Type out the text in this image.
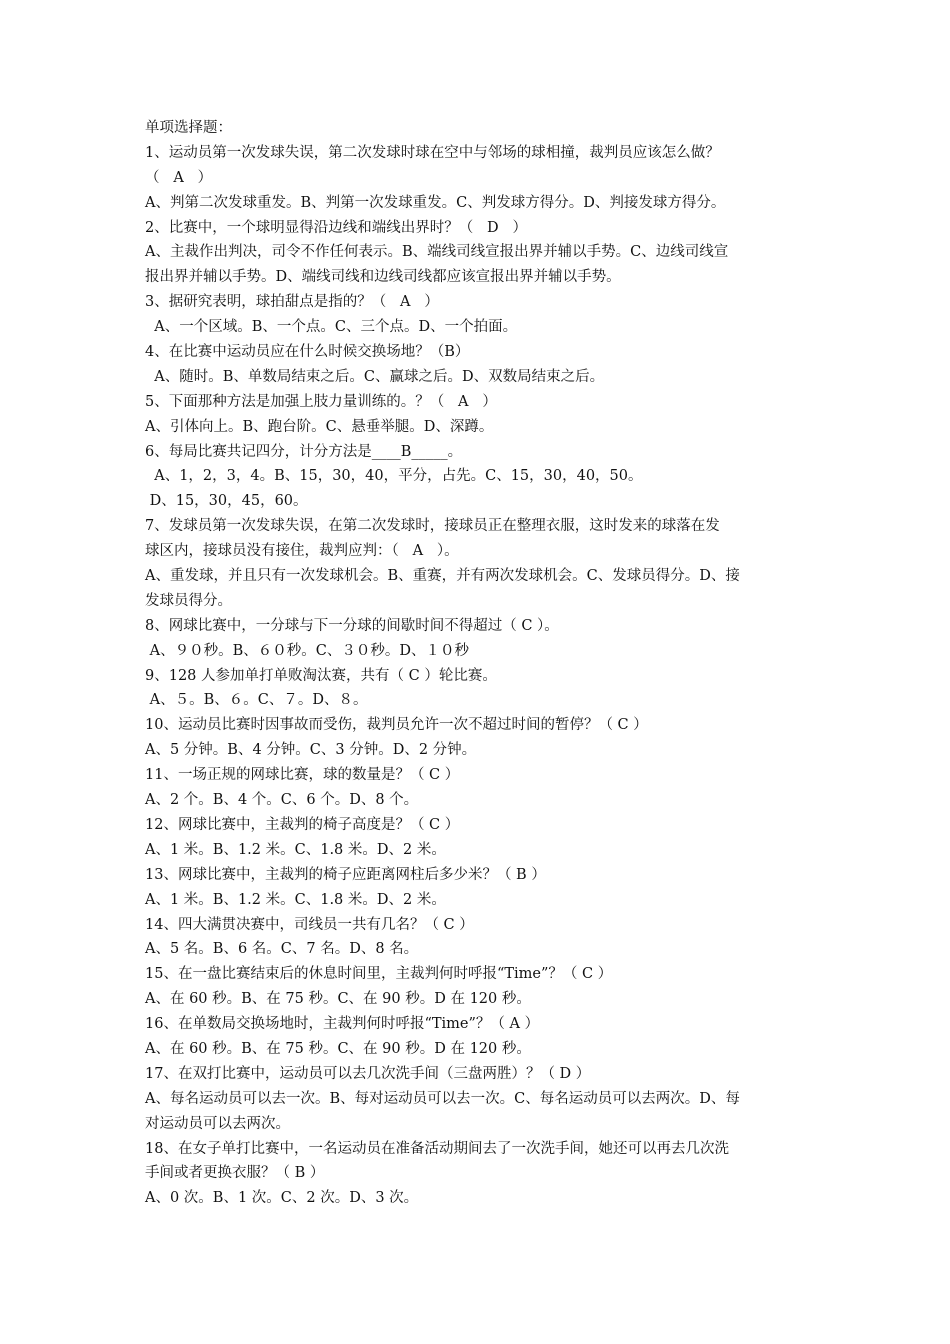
单项选择题：
1、运动员第一次发球失误，第二次发球时球在空中与邻场的球相撞，裁判员应该怎么做？
（   A   ）
A、判第二次发球重发。B、判第一次发球重发。C、判发球方得分。D、判接发球方得分。
2、比赛中，一个球明显得沿边线和端线出界时？（   D   ）
A、主裁作出判决，司令不作任何表示。B、端线司线宣报出界并辅以手势。C、边线司线宣
报出界并辅以手势。D、端线司线和边线司线都应该宣报出界并辅以手势。
3、据研究表明，球拍甜点是指的？（   A   ）
A、一个区域。B、一个点。C、三个点。D、一个拍面。
4、在比赛中运动员应在什么时候交换场地？（B）
A、随时。B、单数局结束之后。C、赢球之后。D、双数局结束之后。
5、下面那种方法是加强上肢力量训练的。？（   A   ）
A、引体向上。B、跑台阶。C、悬垂举腿。D、深蹲。
6、每局比赛共记四分，计分方法是____B_____。
A、1，2，3，4。B、15，30，40，平分，占先。C、15，30，40，50。
D、15，30，45，60。
7、发球员第一次发球失误，在第二次发球时，接球员正在整理衣服，这时发来的球落在发
球区内，接球员没有接住，裁判应判：（   A   ）。
A、重发球，并且只有一次发球机会。B、重赛，并有两次发球机会。C、发球员得分。D、接
发球员得分。
8、网球比赛中，一分球与下一分球的间歇时间不得超过（ C ）。
A、９０秒。B、６０秒。C、３０秒。D、１０秒
9、128 人参加单打单败淘汰赛，共有（ C ）轮比赛。
A、５。B、６。C、７。D、８。
10、运动员比赛时因事故而受伤，裁判员允许一次不超过时间的暂停？（ C ）
A、5 分钟。B、4 分钟。C、3 分钟。D、2 分钟。
11、一场正规的网球比赛，球的数量是？（ C ）
A、2 个。B、4 个。C、6 个。D、8 个。
12、网球比赛中，主裁判的椅子高度是？（ C ）
A、1 米。B、1.2 米。C、1.8 米。D、2 米。
13、网球比赛中，主裁判的椅子应距离网柱后多少米？（ B ）
A、1 米。B、1.2 米。C、1.8 米。D、2 米。
14、四大满贯决赛中，司线员一共有几名？（ C ）
A、5 名。B、6 名。C、7 名。D、8 名。
15、在一盘比赛结束后的休息时间里，主裁判何时呼报“Time”？（ C ）
A、在 60 秒。B、在 75 秒。C、在 90 秒。D 在 120 秒。
16、在单数局交换场地时，主裁判何时呼报“Time”？（ A ）
A、在 60 秒。B、在 75 秒。C、在 90 秒。D 在 120 秒。
17、在双打比赛中，运动员可以去几次洗手间（三盘两胜）？（ D ）
A、每名运动员可以去一次。B、每对运动员可以去一次。C、每名运动员可以去两次。D、每
对运动员可以去两次。
18、在女子单打比赛中，一名运动员在准备活动期间去了一次洗手间，她还可以再去几次洗
手间或者更换衣服？（ B ）
A、0 次。B、1 次。C、2 次。D、3 次。
